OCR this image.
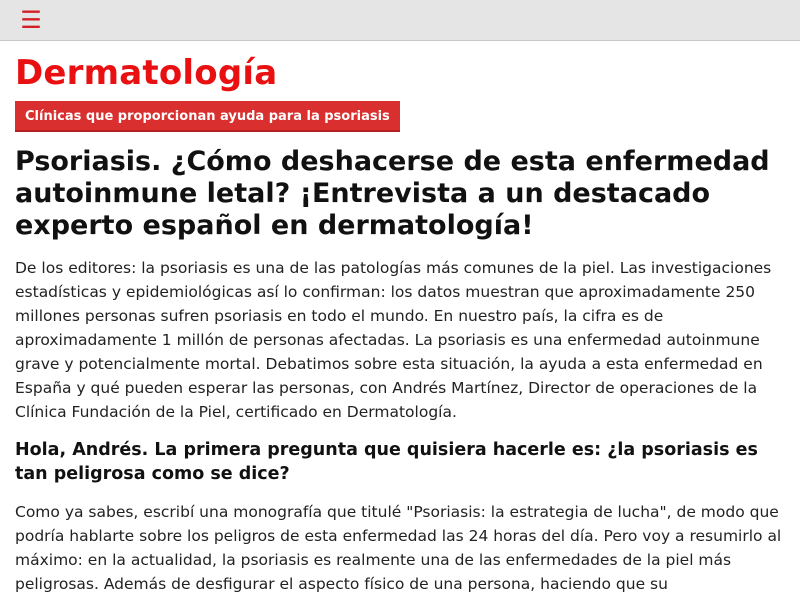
☰
Dermatología
Clínicas que proporcionan ayuda para la psoriasis
Psoriasis. ¿Cómo deshacerse de esta enfermedad autoinmune letal? ¡Entrevista a un destacado experto español en dermatología!

De los editores: la psoriasis es una de las patologías más comunes de la piel. Las investigaciones estadísticas y epidemiológicas así lo confirman: los datos muestran que aproximadamente 250 millones personas sufren psoriasis en todo el mundo. En nuestro país, la cifra es de aproximadamente 1 millón de personas afectadas. La psoriasis es una enfermedad autoinmune grave y potencialmente mortal. Debatimos sobre esta situación, la ayuda a esta enfermedad en España y qué pueden esperar las personas, con Andrés Martínez, Director de operaciones de la Clínica Fundación de la Piel, certificado en Dermatología.

Hola, Andrés. La primera pregunta que quisiera hacerle es: ¿la psoriasis es tan peligrosa como se dice?

Como ya sabes, escribí una monografía que titulé "Psoriasis: la estrategia de lucha", de modo que podría hablarte sobre los peligros de esta enfermedad las 24 horas del día. Pero voy a resumirlo al máximo: en la actualidad, la psoriasis es realmente una de las enfermedades de la piel más peligrosas. Además de desfigurar el aspecto físico de una persona, haciendo que su
